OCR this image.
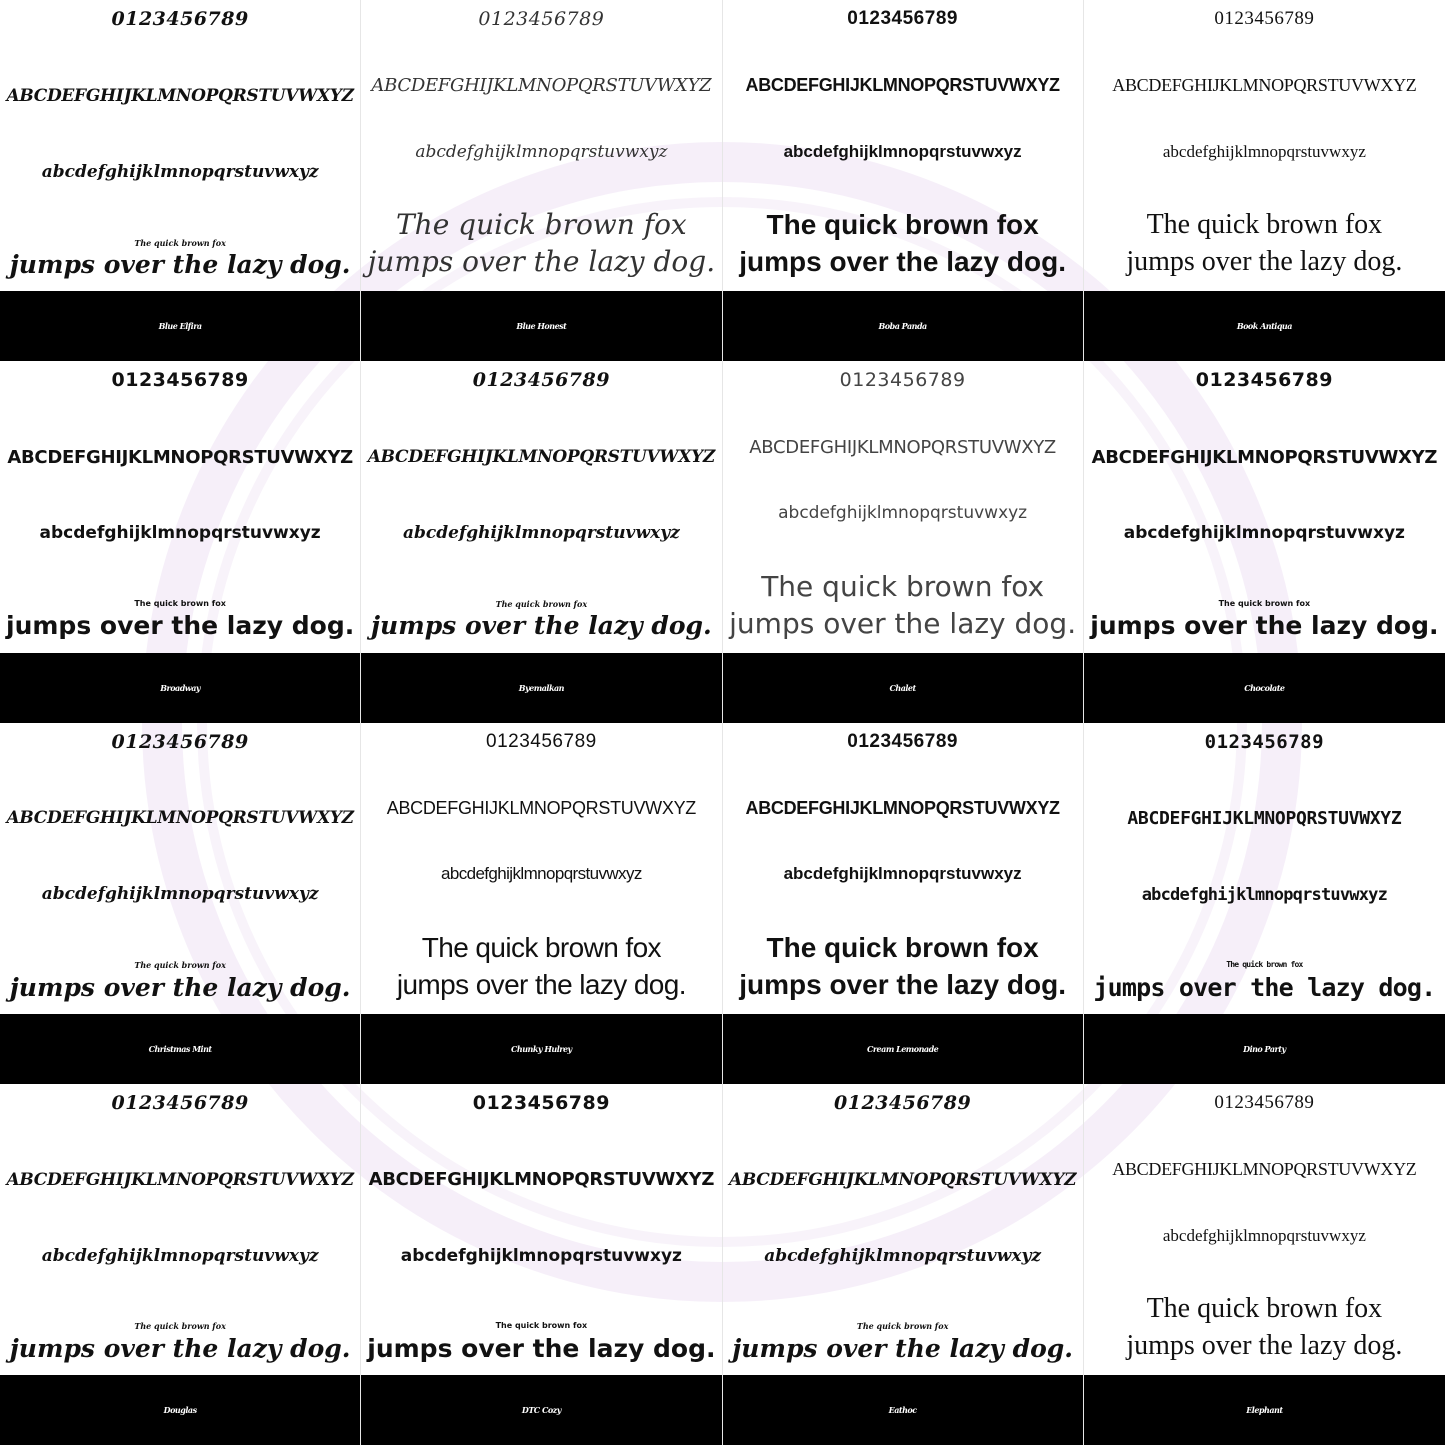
0123456789
ABCDEFGHIJKLMNOPQRSTUVWXYZ
abcdefghijklmnopqrstuvwxyz
The quick brown fox
jumps over the lazy dog.
Blue Elfira
0123456789
ABCDEFGHIJKLMNOPQRSTUVWXYZ
abcdefghijklmnopqrstuvwxyz
The quick brown fox
jumps over the lazy dog.
Blue Honest
0123456789
ABCDEFGHIJKLMNOPQRSTUVWXYZ
abcdefghijklmnopqrstuvwxyz
The quick brown fox
jumps over the lazy dog.
Boba Panda
0123456789
ABCDEFGHIJKLMNOPQRSTUVWXYZ
abcdefghijklmnopqrstuvwxyz
The quick brown fox
jumps over the lazy dog.
Book Antiqua
0123456789
ABCDEFGHIJKLMNOPQRSTUVWXYZ
abcdefghijklmnopqrstuvwxyz
The quick brown fox
jumps over the lazy dog.
Broadway
0123456789
ABCDEFGHIJKLMNOPQRSTUVWXYZ
abcdefghijklmnopqrstuvwxyz
The quick brown fox
jumps over the lazy dog.
Byemalkan
0123456789
ABCDEFGHIJKLMNOPQRSTUVWXYZ
abcdefghijklmnopqrstuvwxyz
The quick brown fox
jumps over the lazy dog.
Chalet
0123456789
ABCDEFGHIJKLMNOPQRSTUVWXYZ
abcdefghijklmnopqrstuvwxyz
The quick brown fox
jumps over the lazy dog.
Chocolate
0123456789
ABCDEFGHIJKLMNOPQRSTUVWXYZ
abcdefghijklmnopqrstuvwxyz
The quick brown fox
jumps over the lazy dog.
Christmas Mint
0123456789
ABCDEFGHIJKLMNOPQRSTUVWXYZ
abcdefghijklmnopqrstuvwxyz
The quick brown fox
jumps over the lazy dog.
Chunky Hulrey
0123456789
ABCDEFGHIJKLMNOPQRSTUVWXYZ
abcdefghijklmnopqrstuvwxyz
The quick brown fox
jumps over the lazy dog.
Cream Lemonade
0123456789
ABCDEFGHIJKLMNOPQRSTUVWXYZ
abcdefghijklmnopqrstuvwxyz
The quick brown fox
jumps over the lazy dog.
Dino Party
0123456789
ABCDEFGHIJKLMNOPQRSTUVWXYZ
abcdefghijklmnopqrstuvwxyz
The quick brown fox
jumps over the lazy dog.
Douglas
0123456789
ABCDEFGHIJKLMNOPQRSTUVWXYZ
abcdefghijklmnopqrstuvwxyz
The quick brown fox
jumps over the lazy dog.
DTC Cozy
0123456789
ABCDEFGHIJKLMNOPQRSTUVWXYZ
abcdefghijklmnopqrstuvwxyz
The quick brown fox
jumps over the lazy dog.
Eathoc
0123456789
ABCDEFGHIJKLMNOPQRSTUVWXYZ
abcdefghijklmnopqrstuvwxyz
The quick brown fox
jumps over the lazy dog.
Elephant
